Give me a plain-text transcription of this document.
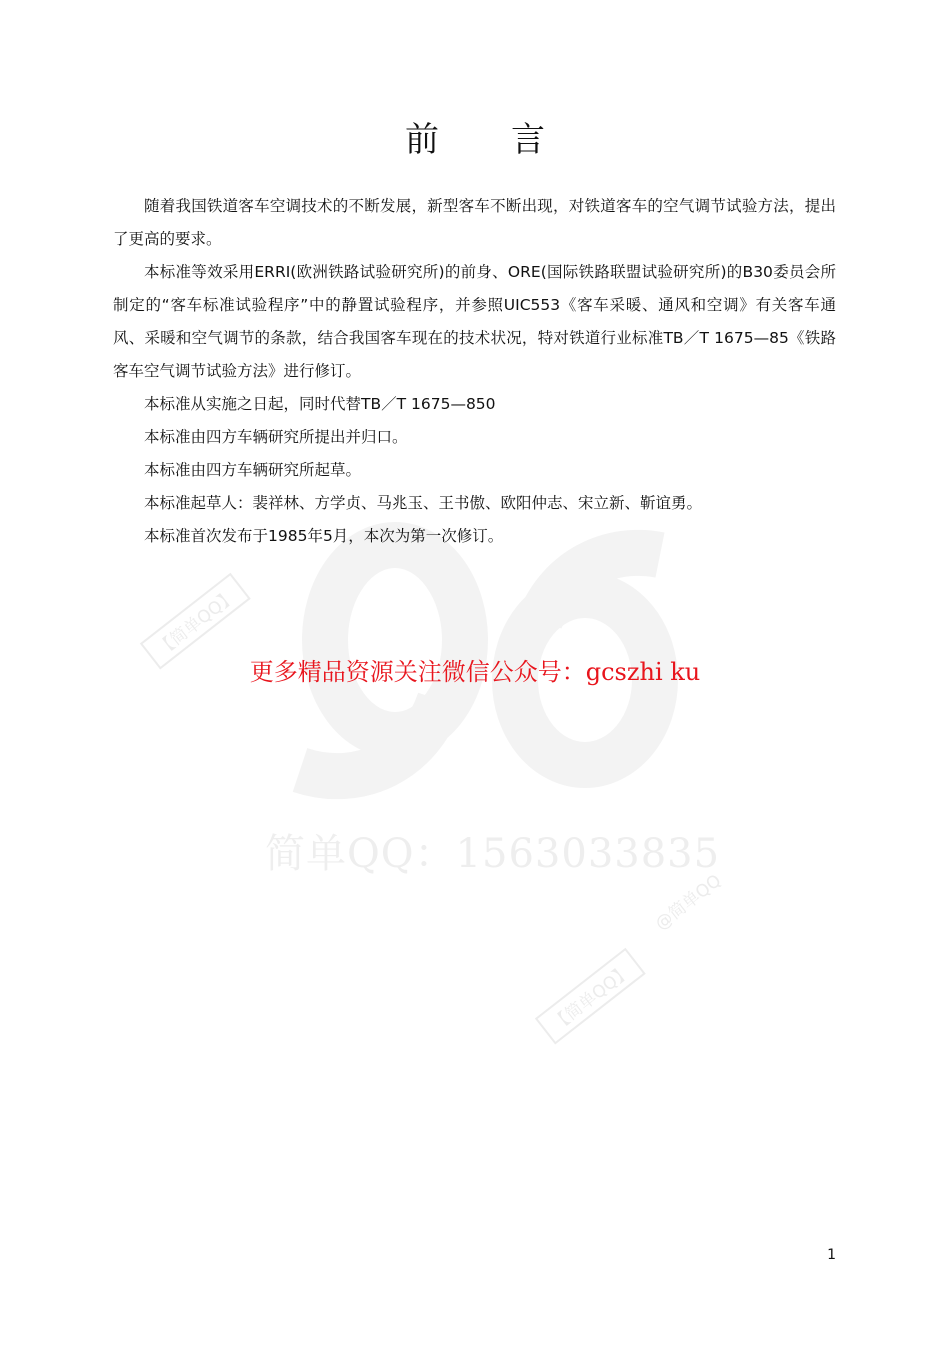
简单QQ：1563033835
【简单QQ】
【简单QQ】
@简单QQ
前言

随着我国铁道客车空调技术的不断发展，新型客车不断出现，对铁道客车的空气调节试验方法，提出了更高的要求。

本标准等效采用ERRI(欧洲铁路试验研究所)的前身、ORE(国际铁路联盟试验研究所)的B30委员会所制定的“客车标准试验程序”中的静置试验程序，并参照UIC553《客车采暖、通风和空调》有关客车通风、采暖和空气调节的条款，结合我国客车现在的技术状况，特对铁道行业标准TB／T 1675—85《铁路客车空气调节试验方法》进行修订。

本标准从实施之日起，同时代替TB／T 1675—850

本标准由四方车辆研究所提出并归口。

本标准由四方车辆研究所起草。

本标准起草人：裴祥林、方学贞、马兆玉、王书傲、欧阳仲志、宋立新、靳谊勇。

本标准首次发布于1985年5月，本次为第一次修订。

更多精品资源关注微信公众号：gcszhi ku
1
